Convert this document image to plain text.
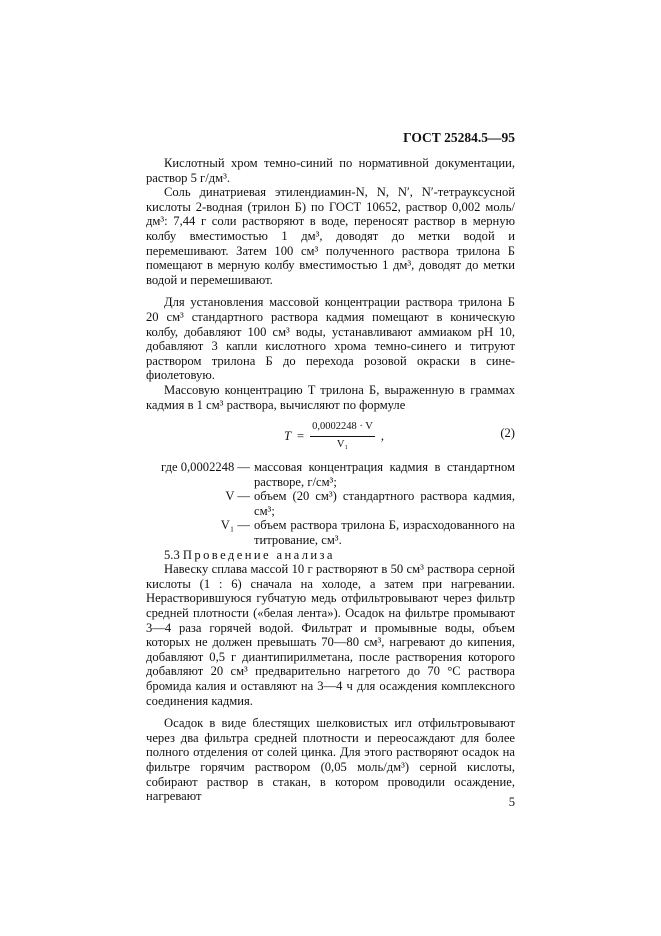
ГОСТ 25284.5—95

Кислотный хром темно-синий по нормативной документации, раствор 5 г/дм³.

Соль динатриевая этилендиамин-N, N, N′, N′-тетрауксусной кислоты 2-водная (трилон Б) по ГОСТ 10652, раствор 0,002 моль/дм³: 7,44 г соли растворяют в воде, переносят раствор в мерную колбу вместимостью 1 дм³, доводят до метки водой и перемешивают. Затем 100 см³ полученного раствора трилона Б помещают в мерную колбу вместимостью 1 дм³, доводят до метки водой и перемешивают.

Для установления массовой концентрации раствора трилона Б 20 см³ стандартного раствора кадмия помещают в коническую колбу, добавляют 100 см³ воды, устанавливают аммиаком рН 10, добавляют 3 капли кислотного хрома темно-синего и титруют раствором трилона Б до перехода розовой окраски в сине-фиолетовую.

Массовую концентрацию T трилона Б, выраженную в граммах кадмия в 1 см³ раствора, вычисляют по формуле

$T = \frac{0,0002248 \cdot V}{\text{V₁}}$ ,	(2)
где 0,0002248 — массовая концентрация кадмия в стандартном растворе, г/см³;
V — объем (20 см³) стандартного раствора кадмия, см³;
V₁ — объем раствора трилона Б, израсходованного на титрование, см³.

5.3 Проведение анализа

Навеску сплава массой 10 г растворяют в 50 см³ раствора серной кислоты (1 : 6) сначала на холоде, а затем при нагревании. Нерастворившуюся губчатую медь отфильтровывают через фильтр средней плотности («белая лента»). Осадок на фильтре промывают 3—4 раза горячей водой. Фильтрат и промывные воды, объем которых не должен превышать 70—80 см³, нагревают до кипения, добавляют 0,5 г диантипирилметана, после растворения которого добавляют 20 см³ предварительно нагретого до 70 °С раствора бромида калия и оставляют на 3—4 ч для осаждения комплексного соединения кадмия.

Осадок в виде блестящих шелковистых игл отфильтровывают через два фильтра средней плотности и переосаждают для более полного отделения от солей цинка. Для этого растворяют осадок на фильтре горячим раствором (0,05 моль/дм³) серной кислоты, собирают раствор в стакан, в котором проводили осаждение, нагревают	5
